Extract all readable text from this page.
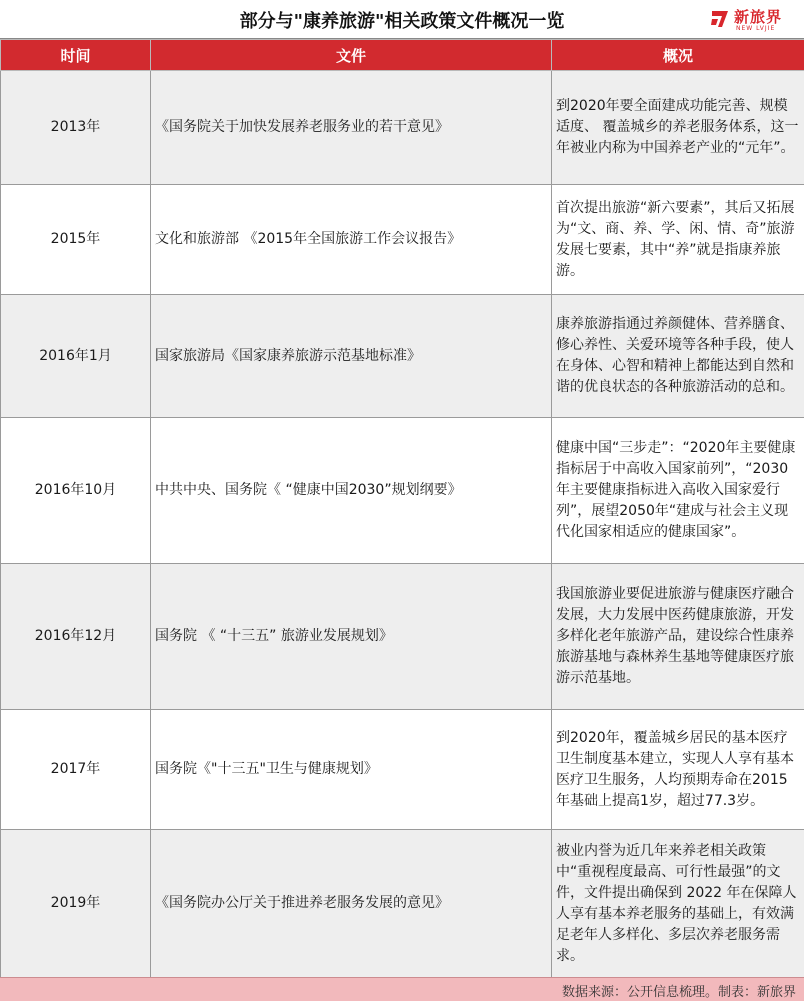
部分与"康养旅游"相关政策文件概况一览	新旅界
NEW LVJIE
时间	文件	概况
2013年	《国务院关于加快发展养老服务业的若干意见》	到2020年要全面建成功能完善、规模适度、 覆盖城乡的养老服务体系，这一年被业内称为中国养老产业的“元年”。
2015年	文化和旅游部 《2015年全国旅游工作会议报告》	首次提出旅游“新六要素”，其后又拓展为“文、商、养、学、闲、情、奇”旅游发展七要素，其中“养”就是指康养旅游。
2016年1月	国家旅游局《国家康养旅游示范基地标准》	康养旅游指通过养颜健体、营养膳食、修心养性、关爱环境等各种手段，使人在身体、心智和精神上都能达到自然和谐的优良状态的各种旅游活动的总和。
2016年10月	中共中央、国务院《 “健康中国2030”规划纲要》	健康中国“三步走”：“2020年主要健康指标居于中高收入国家前列”，“2030年主要健康指标进入高收入国家爱行列”，展望2050年“建成与社会主义现代化国家相适应的健康国家”。
2016年12月	国务院 《 “十三五” 旅游业发展规划》	我国旅游业要促进旅游与健康医疗融合发展，大力发展中医药健康旅游，开发多样化老年旅游产品，建设综合性康养旅游基地与森林养生基地等健康医疗旅游示范基地。
2017年	国务院《"十三五"卫生与健康规划》	到2020年，覆盖城乡居民的基本医疗卫生制度基本建立，实现人人享有基本医疗卫生服务，人均预期寿命在2015年基础上提高1岁，超过77.3岁。
2019年	《国务院办公厅关于推进养老服务发展的意见》	被业内誉为近几年来养老相关政策中“重视程度最高、可行性最强”的文件，文件提出确保到 2022 年在保障人人享有基本养老服务的基础上，有效满足老年人多样化、多层次养老服务需求。
数据来源：公开信息梳理。制表：新旅界
